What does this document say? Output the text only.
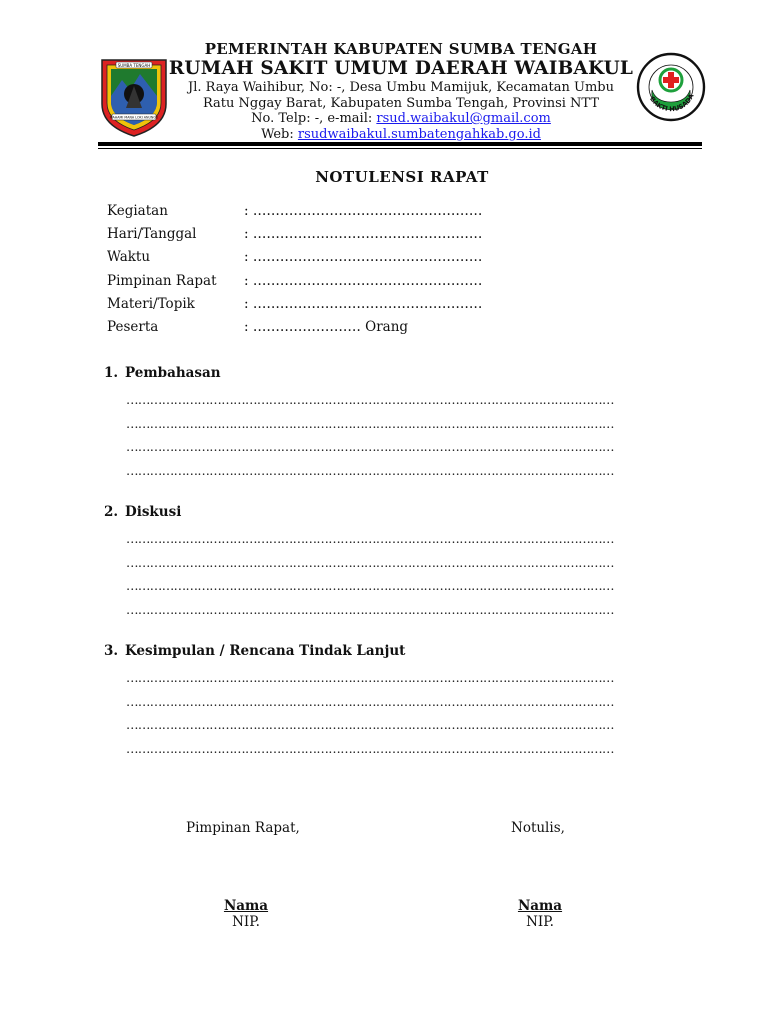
SUMBA TENGAH
MAHAMI MANA LOKI ANUNGU
PEMERINTAH KABUPATEN SUMBA TENGAH
RUMAH SAKIT UMUM DAERAH WAIBAKUL
Jl. Raya Waihibur, No: -, Desa Umbu Mamijuk, Kecamatan Umbu
Ratu Nggay Barat, Kabupaten Sumba Tengah, Provinsi NTT
No. Telp: -, e-mail: rsud.waibakul@gmail.com
Web: rsudwaibakul.sumbatengahkab.go.id
BAKTI HUSADA
NOTULENSI RAPAT
Kegiatan	: ……………………………………………
Hari/Tanggal	: ……………………………………………
Waktu	: ……………………………………………
Pimpinan Rapat	: ……………………………………………
Materi/Topik	: ……………………………………………
Peserta	: …………………… Orang
1. Pembahasan
……………………………………………………………………………………………………………
……………………………………………………………………………………………………………
……………………………………………………………………………………………………………
……………………………………………………………………………………………………………
2. Diskusi
……………………………………………………………………………………………………………
……………………………………………………………………………………………………………
……………………………………………………………………………………………………………
……………………………………………………………………………………………………………
3. Kesimpulan / Rencana Tindak Lanjut
……………………………………………………………………………………………………………
……………………………………………………………………………………………………………
……………………………………………………………………………………………………………
……………………………………………………………………………………………………………
Pimpinan Rapat,	Notulis,
Nama
NIP.
Nama
NIP.
